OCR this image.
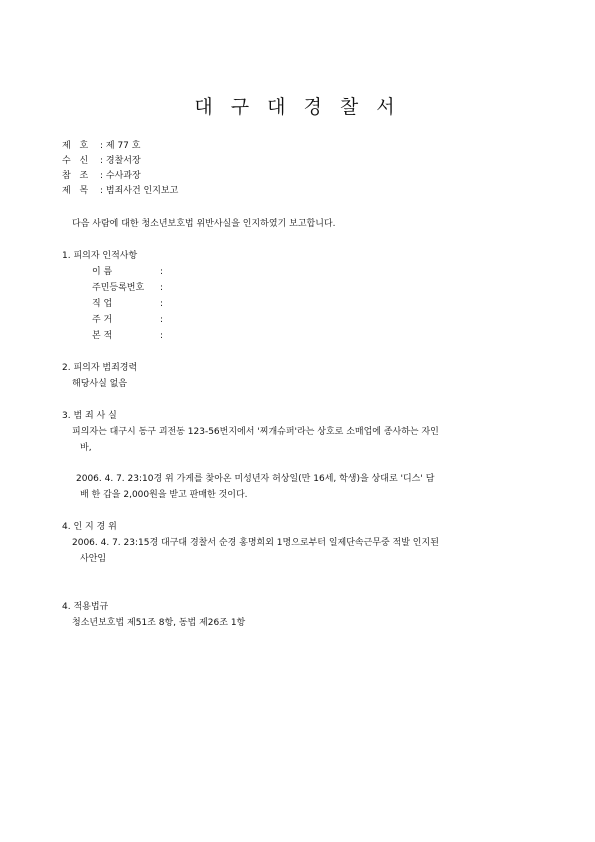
대 구 대 경 찰 서
제 호 : 제 77 호
수 신 : 경찰서장
참 조 : 수사과장
제 목 : 범죄사건 인지보고
다음 사람에 대한 청소년보호법 위반사실을 인지하였기 보고합니다.
1. 피의자 인적사항
이 름	:
주민등록번호 :
직 업	:
주 거	:
본 적	:
2. 피의자 범죄경력
해당사실 없음
3. 범 죄 사 실
피의자는 대구시 동구 괴전동 123-56번지에서 '찌개슈퍼'라는 상호로 소매업에 종사하는 자인
바,
2006. 4. 7. 23:10경 위 가게를 찾아온 미성년자 허상일(만 16세, 학생)을 상대로 '디스' 담
배 한 갑을 2,000원을 받고 판매한 것이다.
4. 인 지 경 위
2006. 4. 7. 23:15경 대구대 경찰서 순경 홍명희외 1명으로부터 일제단속근무중 적발 인지된
사안임
4. 적용법규
청소년보호법 제51조 8항, 동법 제26조 1항
